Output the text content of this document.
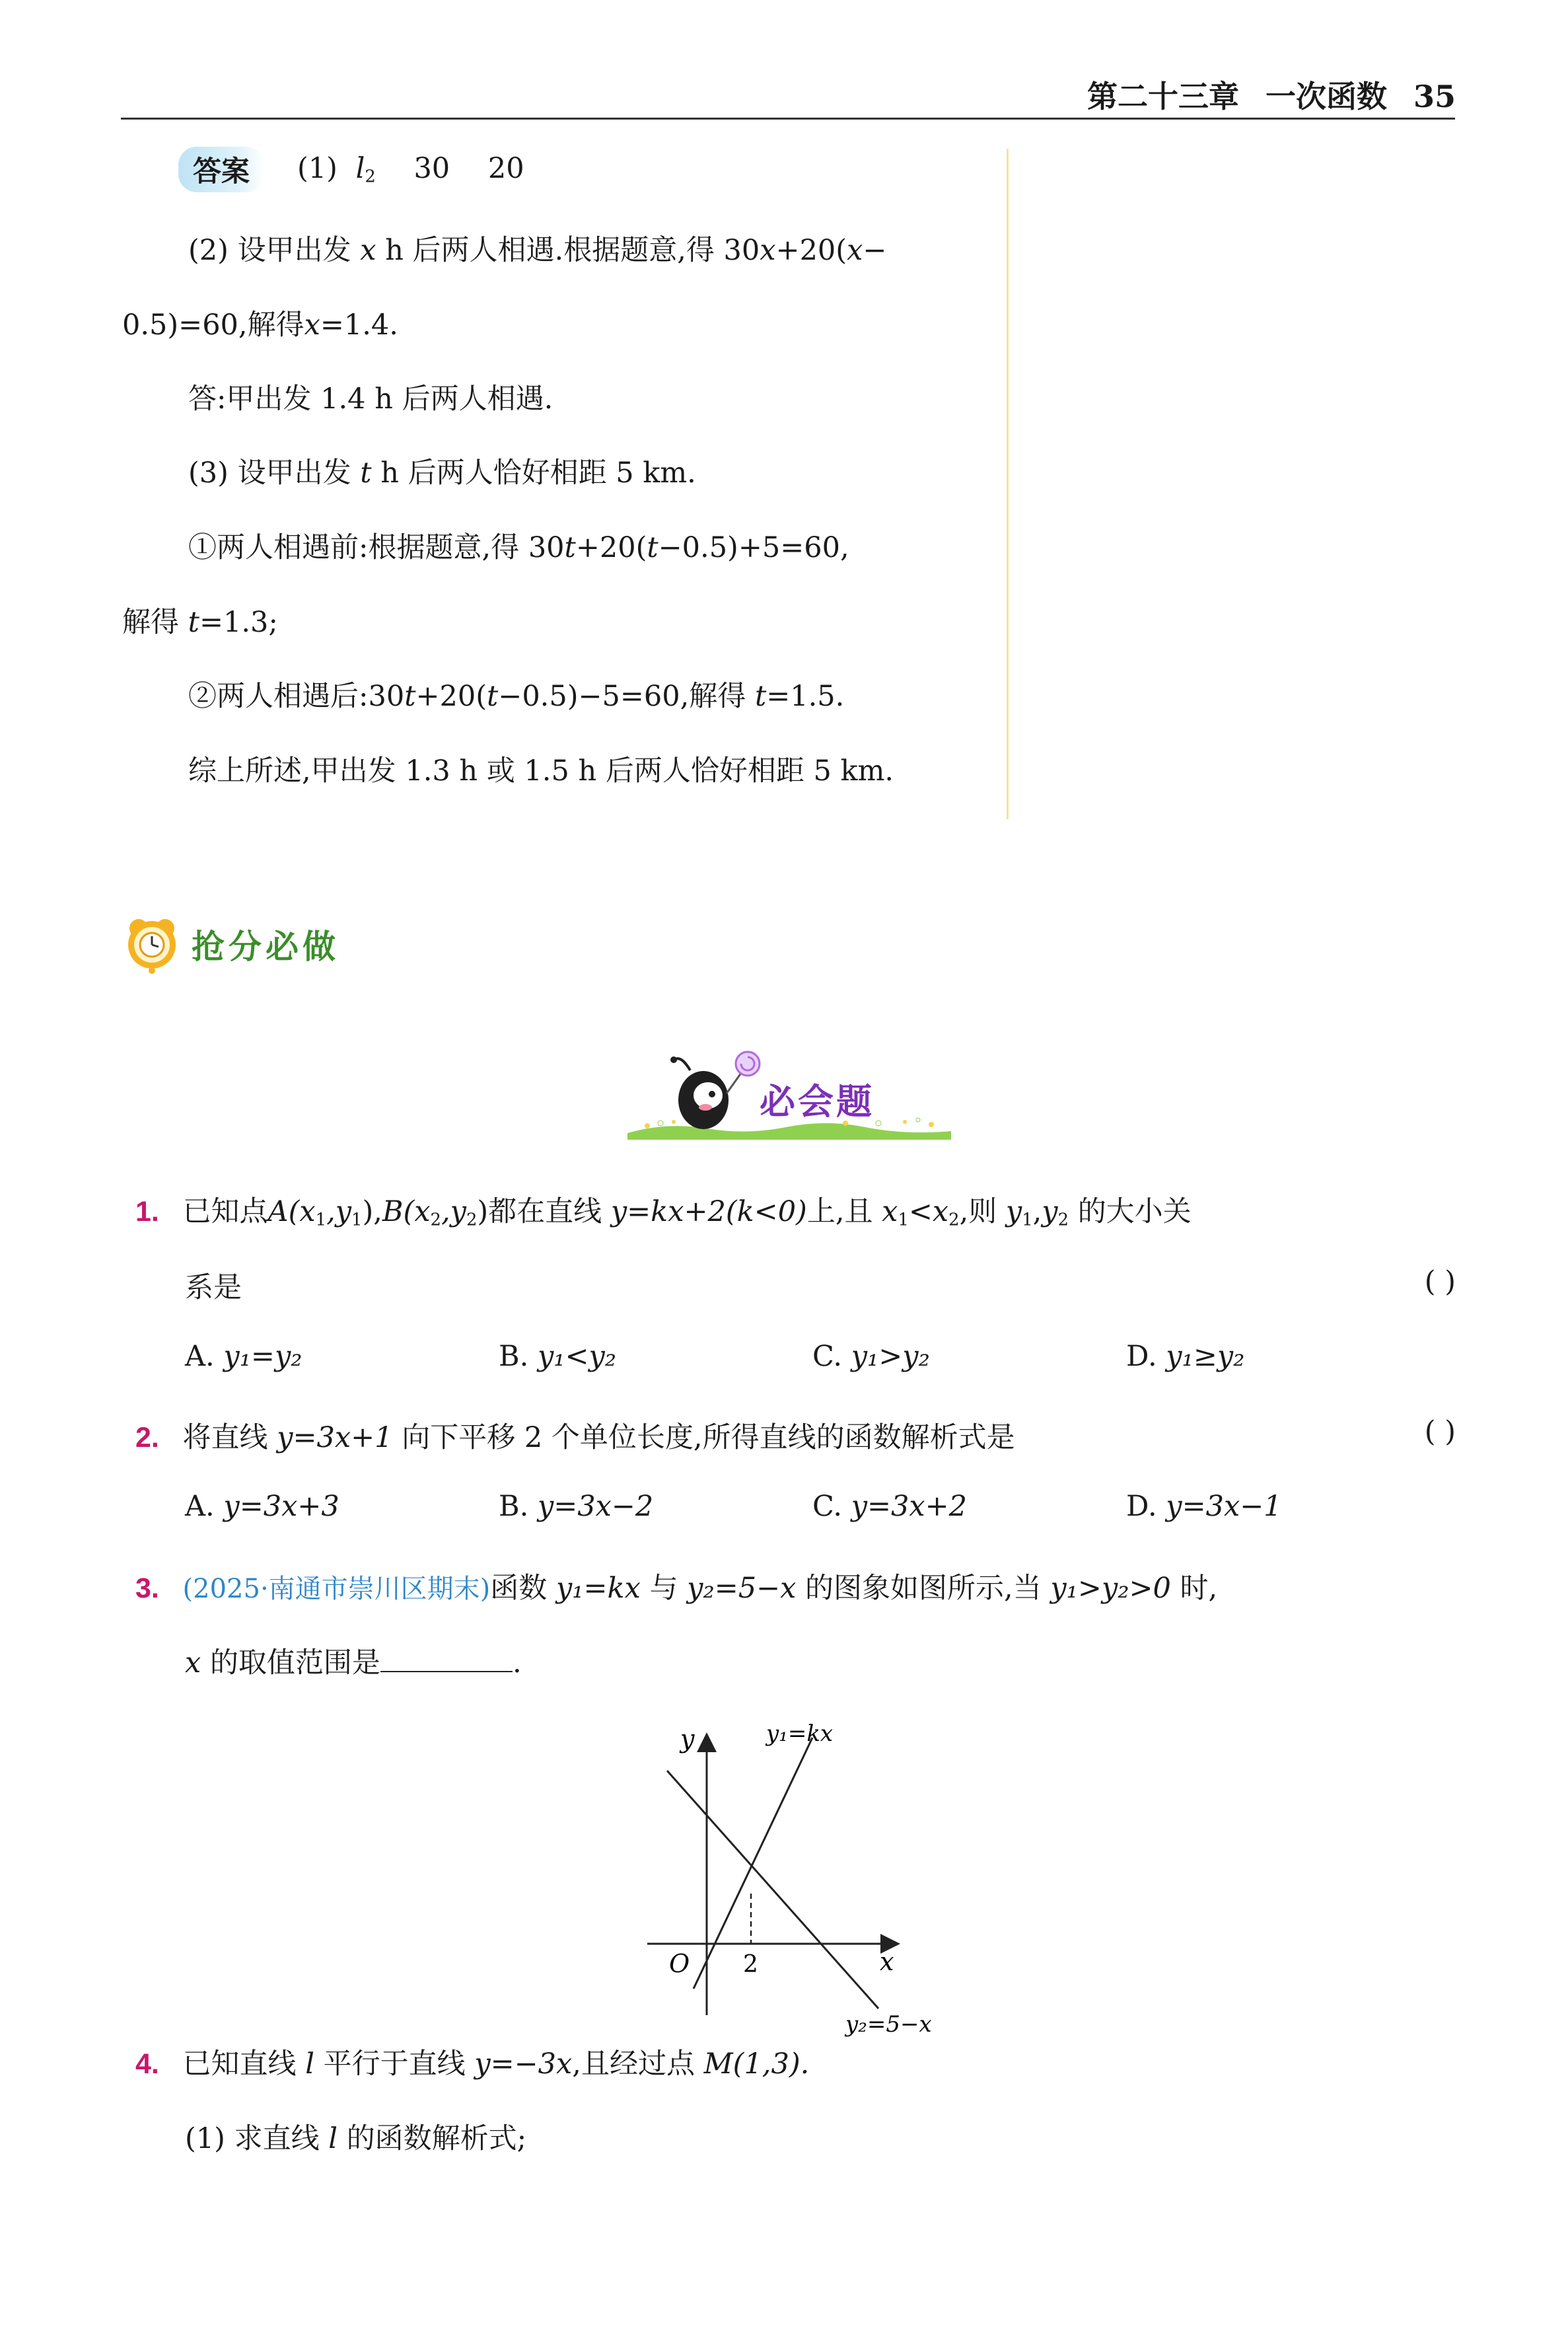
第二十三章 一次函数 35
答案	(1) $l_2$ 30 20
(2) 设甲出发 x h 后两人相遇.根据题意,得 30x+20(x−
0.5)=60,解得x=1.4.
答:甲出发 1.4 h 后两人相遇.
(3) 设甲出发 t h 后两人恰好相距 5 km.
①两人相遇前:根据题意,得 30t+20(t−0.5)+5=60,
解得 t=1.3;
②两人相遇后:30t+20(t−0.5)−5=60,解得 t=1.5.
综上所述,甲出发 1.3 h 或 1.5 h 后两人恰好相距 5 km.
抢分必做
必会题
1. 已知点$A(x_1,y_1),B(x_2,y_2)$都在直线 y=kx+2(k<0)上,且 $x_1<x_2$,则 $y_1,y_2$ 的大小关
系是	( )
A. y₁=y₂	B. y₁<y₂	C. y₁>y₂	D. y₁≥y₂
2. 将直线 y=3x+1 向下平移 2 个单位长度,所得直线的函数解析式是	( )
A. y=3x+3	B. y=3x−2	C. y=3x+2	D. y=3x−1
3. (2025·南通市崇川区期末)函数 y₁=kx 与 y₂=5−x 的图象如图所示,当 y₁>y₂>0 时,
x 的取值范围是	.
y
x
O 2
y₁=kx
y₂=5−x
4. 已知直线 l 平行于直线 y=−3x,且经过点 M(1,3).
(1) 求直线 l 的函数解析式;
